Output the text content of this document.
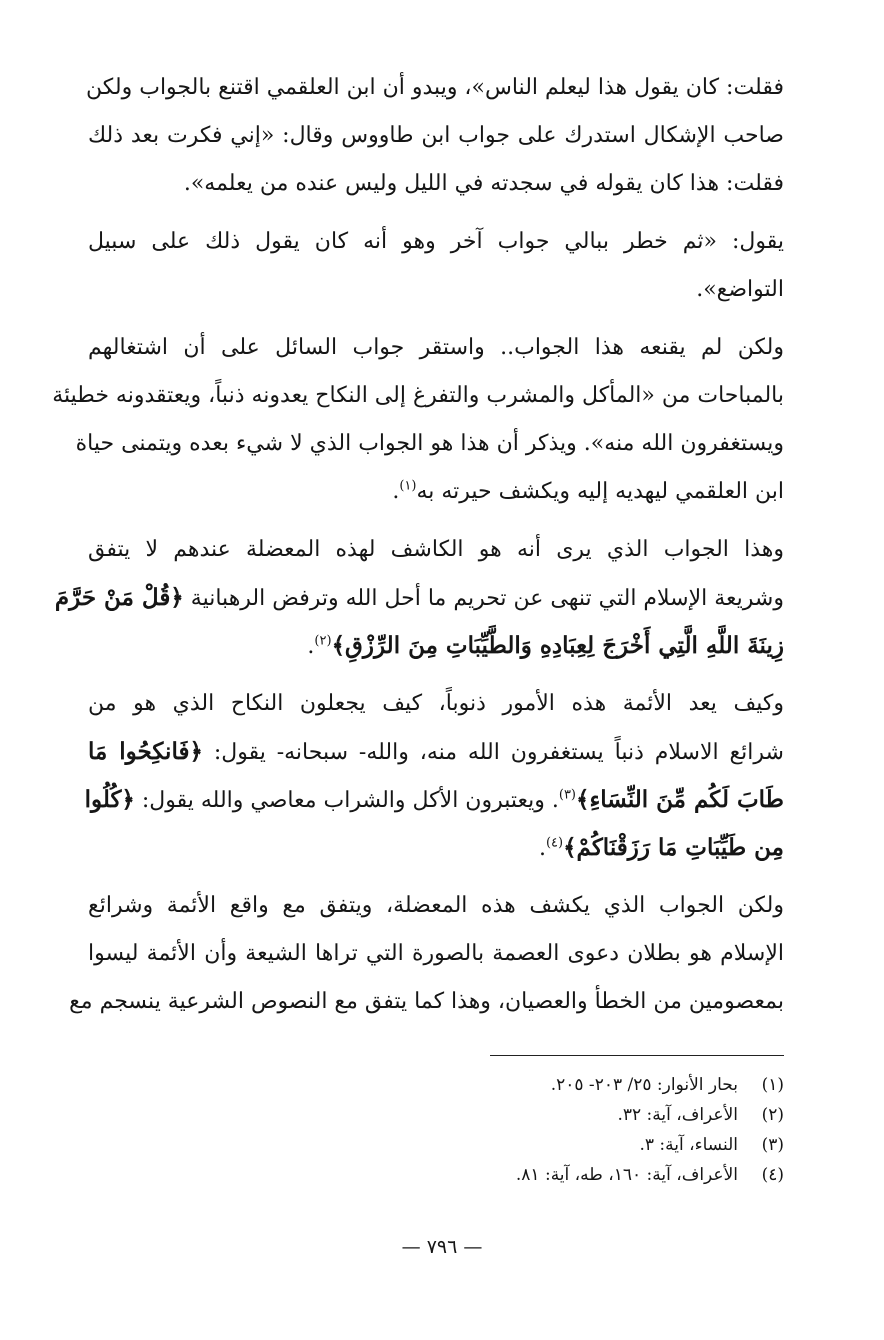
فقلت: كان يقول هذا ليعلم الناس»، ويبدو أن ابن العلقمي اقتنع بالجواب ولكن
صاحب الإشكال استدرك على جواب ابن طاووس وقال: «إني فكرت بعد ذلك
فقلت: هذا كان يقوله في سجدته في الليل وليس عنده من يعلمه».
يقول: «ثم خطر ببالي جواب آخر وهو أنه كان يقول ذلك على سبيل
التواضع».
ولكن لم يقنعه هذا الجواب.. واستقر جواب السائل على أن اشتغالهم
بالمباحات من «المأكل والمشرب والتفرغ إلى النكاح يعدونه ذنباً، ويعتقدونه خطيئة
ويستغفرون الله منه». ويذكر أن هذا هو الجواب الذي لا شيء بعده ويتمنى حياة
ابن العلقمي ليهديه إليه ويكشف حيرته به$^{(١)}$.
وهذا الجواب الذي يرى أنه هو الكاشف لهذه المعضلة عندهم لا يتفق
وشريعة الإسلام التي تنهى عن تحريم ما أحل الله وترفض الرهبانية ﴿قُلْ مَنْ حَرَّمَ
زِينَةَ اللَّهِ الَّتِي أَخْرَجَ لِعِبَادِهِ وَالطَّيِّبَاتِ مِنَ الرِّزْقِ﴾$^{(٢)}$.
وكيف يعد الأئمة هذه الأمور ذنوباً، كيف يجعلون النكاح الذي هو من
شرائع الاسلام ذنباً يستغفرون الله منه، والله- سبحانه- يقول: ﴿فَانكِحُوا مَا
طَابَ لَكُم مِّنَ النِّسَاءِ﴾$^{(٣)}$. ويعتبرون الأكل والشراب معاصي والله يقول: ﴿كُلُوا
مِن طَيِّبَاتِ مَا رَزَقْنَاكُمْ﴾$^{(٤)}$.
ولكن الجواب الذي يكشف هذه المعضلة، ويتفق مع واقع الأئمة وشرائع
الإسلام هو بطلان دعوى العصمة بالصورة التي تراها الشيعة وأن الأئمة ليسوا
بمعصومين من الخطأ والعصيان، وهذا كما يتفق مع النصوص الشرعية ينسجم مع
(١)بحار الأنوار: ٢٥/ ٢٠٣- ٢٠٥.
(٢)الأعراف، آية: ٣٢.
(٣)النساء، آية: ٣.
(٤)الأعراف، آية: ١٦٠، طه، آية: ٨١.
— ٧٩٦ —
